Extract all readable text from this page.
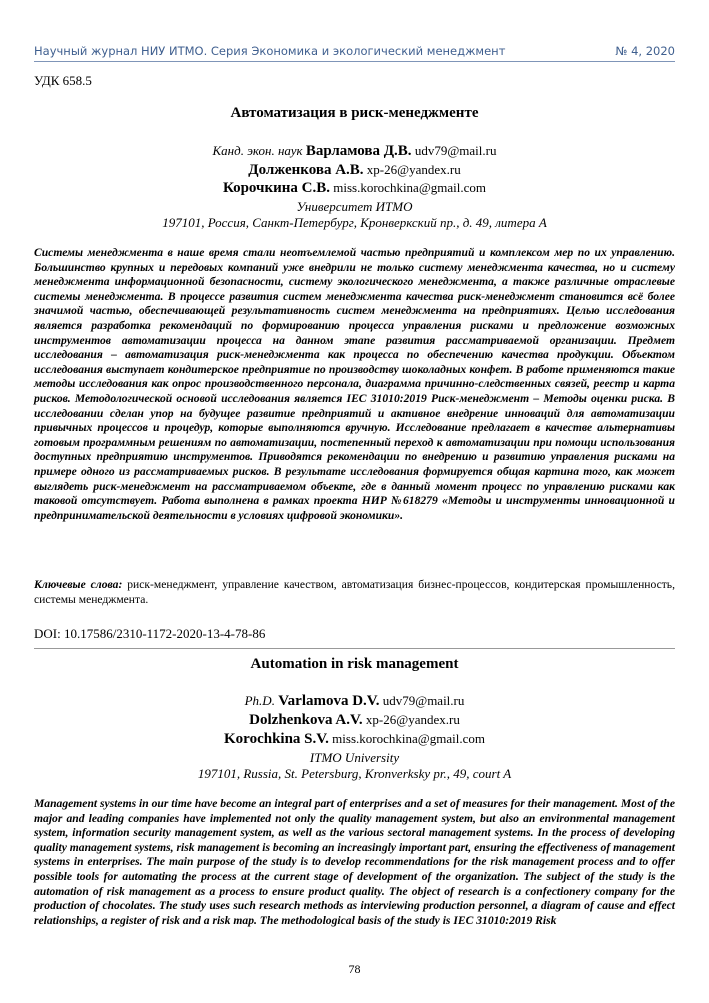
Научный журнал НИУ ИТМО. Серия Экономика и экологический менеджмент	№ 4, 2020
УДК 658.5
Автоматизация в риск-менеджменте
Канд. экон. наук Варламова Д.В. udv79@mail.ru
Долженкова А.В. xp-26@yandex.ru
Корочкина С.В. miss.korochkina@gmail.com
Университет ИТМО
197101, Россия, Санкт-Петербург, Кронверкский пр., д. 49, литера А
Системы менеджмента в наше время стали неотъемлемой частью предприятий и комплексом мер по их управлению. Большинство крупных и передовых компаний уже внедрили не только систему менеджмента качества, но и систему менеджмента информационной безопасности, систему экологического менеджмента, а также различные отраслевые системы менеджмента. В процессе развития систем менеджмента качества риск-менеджмент становится всё более значимой частью, обеспечивающей результативность систем менеджмента на предприятиях. Целью исследования является разработка рекомендаций по формированию процесса управления рисками и предложение возможных инструментов автоматизации процесса на данном этапе развития рассматриваемой организации. Предмет исследования – автоматизация риск-менеджмента как процесса по обеспечению качества продукции. Объектом исследования выступает кондитерское предприятие по производству шоколадных конфет. В работе применяются такие методы исследования как опрос производственного персонала, диаграмма причинно-следственных связей, реестр и карта рисков. Методологической основой исследования является IEC 31010:2019 Риск-менеджмент – Методы оценки риска. В исследовании сделан упор на будущее развитие предприятий и активное внедрение инноваций для автоматизации привычных процессов и процедур, которые выполняются вручную. Исследование предлагает в качестве альтернативы готовым программным решениям по автоматизации, постепенный переход к автоматизации при помощи использования доступных предприятию инструментов. Приводятся рекомендации по внедрению и развитию управления рисками на примере одного из рассматриваемых рисков. В результате исследования формируется общая картина того, как может выглядеть риск-менеджмент на рассматриваемом объекте, где в данный момент процесс по управлению рисками как таковой отсутствует. Работа выполнена в рамках проекта НИР №618279 «Методы и инструменты инновационной и предпринимательской деятельности в условиях цифровой экономики».
Ключевые слова: риск-менеджмент, управление качеством, автоматизация бизнес-процессов, кондитерская промышленность, системы менеджмента.
DOI: 10.17586/2310-1172-2020-13-4-78-86
Automation in risk management
Ph.D. Varlamova D.V. udv79@mail.ru
Dolzhenkova A.V. xp-26@yandex.ru
Korochkina S.V. miss.korochkina@gmail.com
ITMO University
197101, Russia, St. Petersburg, Kronverksky pr., 49, court A
Management systems in our time have become an integral part of enterprises and a set of measures for their management. Most of the major and leading companies have implemented not only the quality management system, but also an environmental management system, information security management system, as well as the various sectoral management systems. In the process of developing quality management systems, risk management is becoming an increasingly important part, ensuring the effectiveness of management systems in enterprises. The main purpose of the study is to develop recommendations for the risk management process and to offer possible tools for automating the process at the current stage of development of the organization. The subject of the study is the automation of risk management as a process to ensure product quality. The object of research is a confectionery company for the production of chocolates. The study uses such research methods as interviewing production personnel, a diagram of cause and effect relationships, a register of risk and a risk map. The methodological basis of the study is IEC 31010:2019 Risk
78
